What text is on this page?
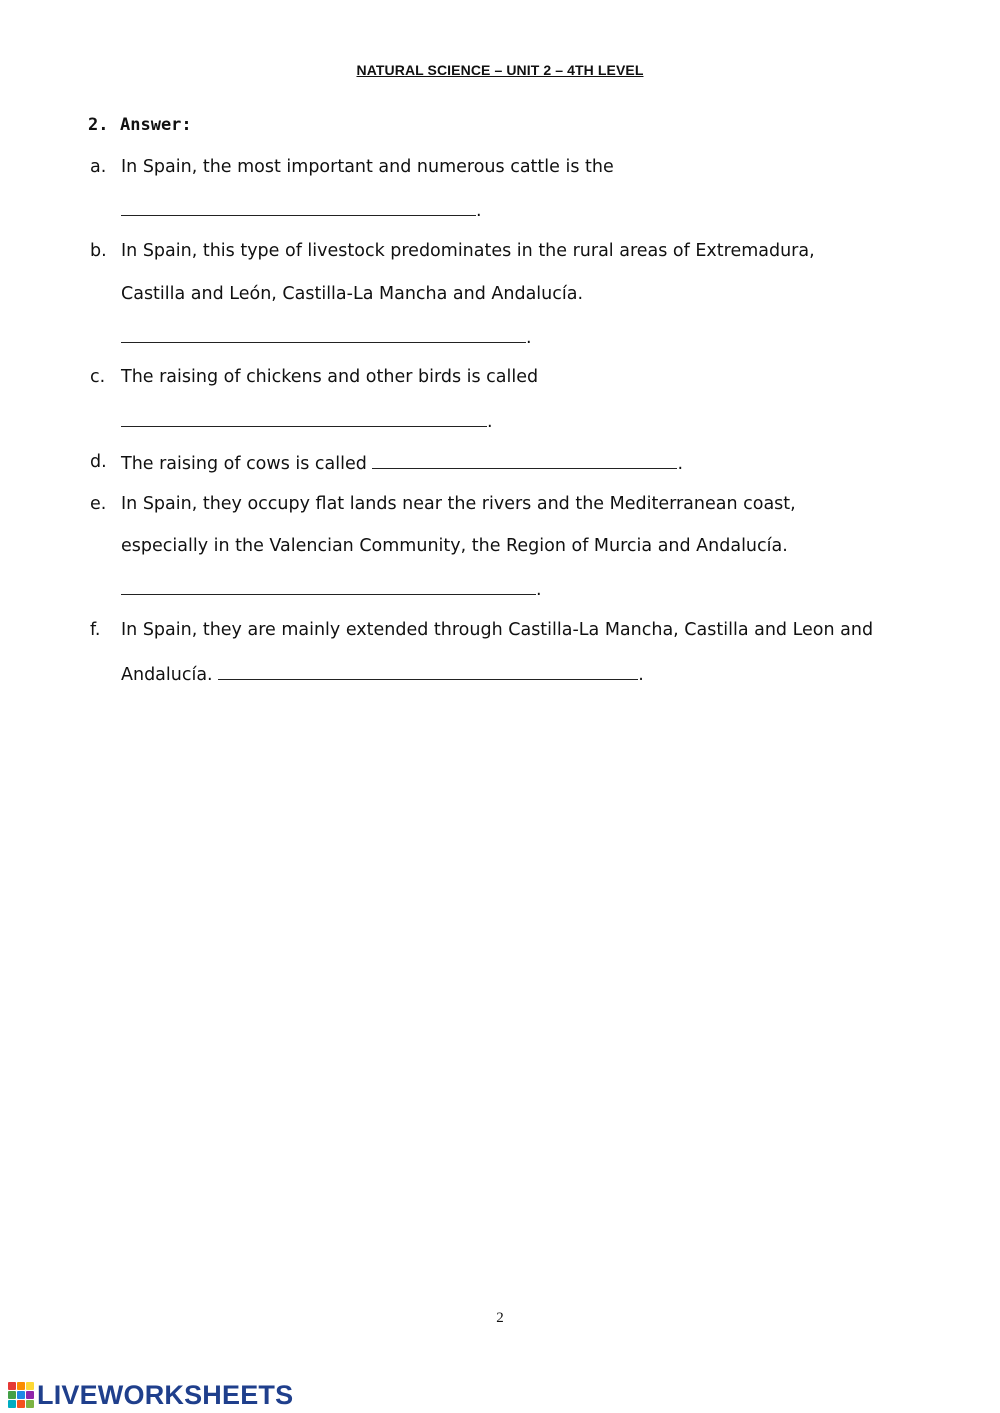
NATURAL SCIENCE – UNIT 2 – 4TH LEVEL
2. Answer:
a. In Spain, the most important and numerous cattle is the
.
b. In Spain, this type of livestock predominates in the rural areas of Extremadura,
Castilla and León, Castilla-La Mancha and Andalucía.
.
c. The raising of chickens and other birds is called
.
d. The raising of cows is called	.
e. In Spain, they occupy flat lands near the rivers and the Mediterranean coast,
especially in the Valencian Community, the Region of Murcia and Andalucía.
.
f. In Spain, they are mainly extended through Castilla-La Mancha, Castilla and Leon and
Andalucía.	.
2
LIVEWORKSHEETS
